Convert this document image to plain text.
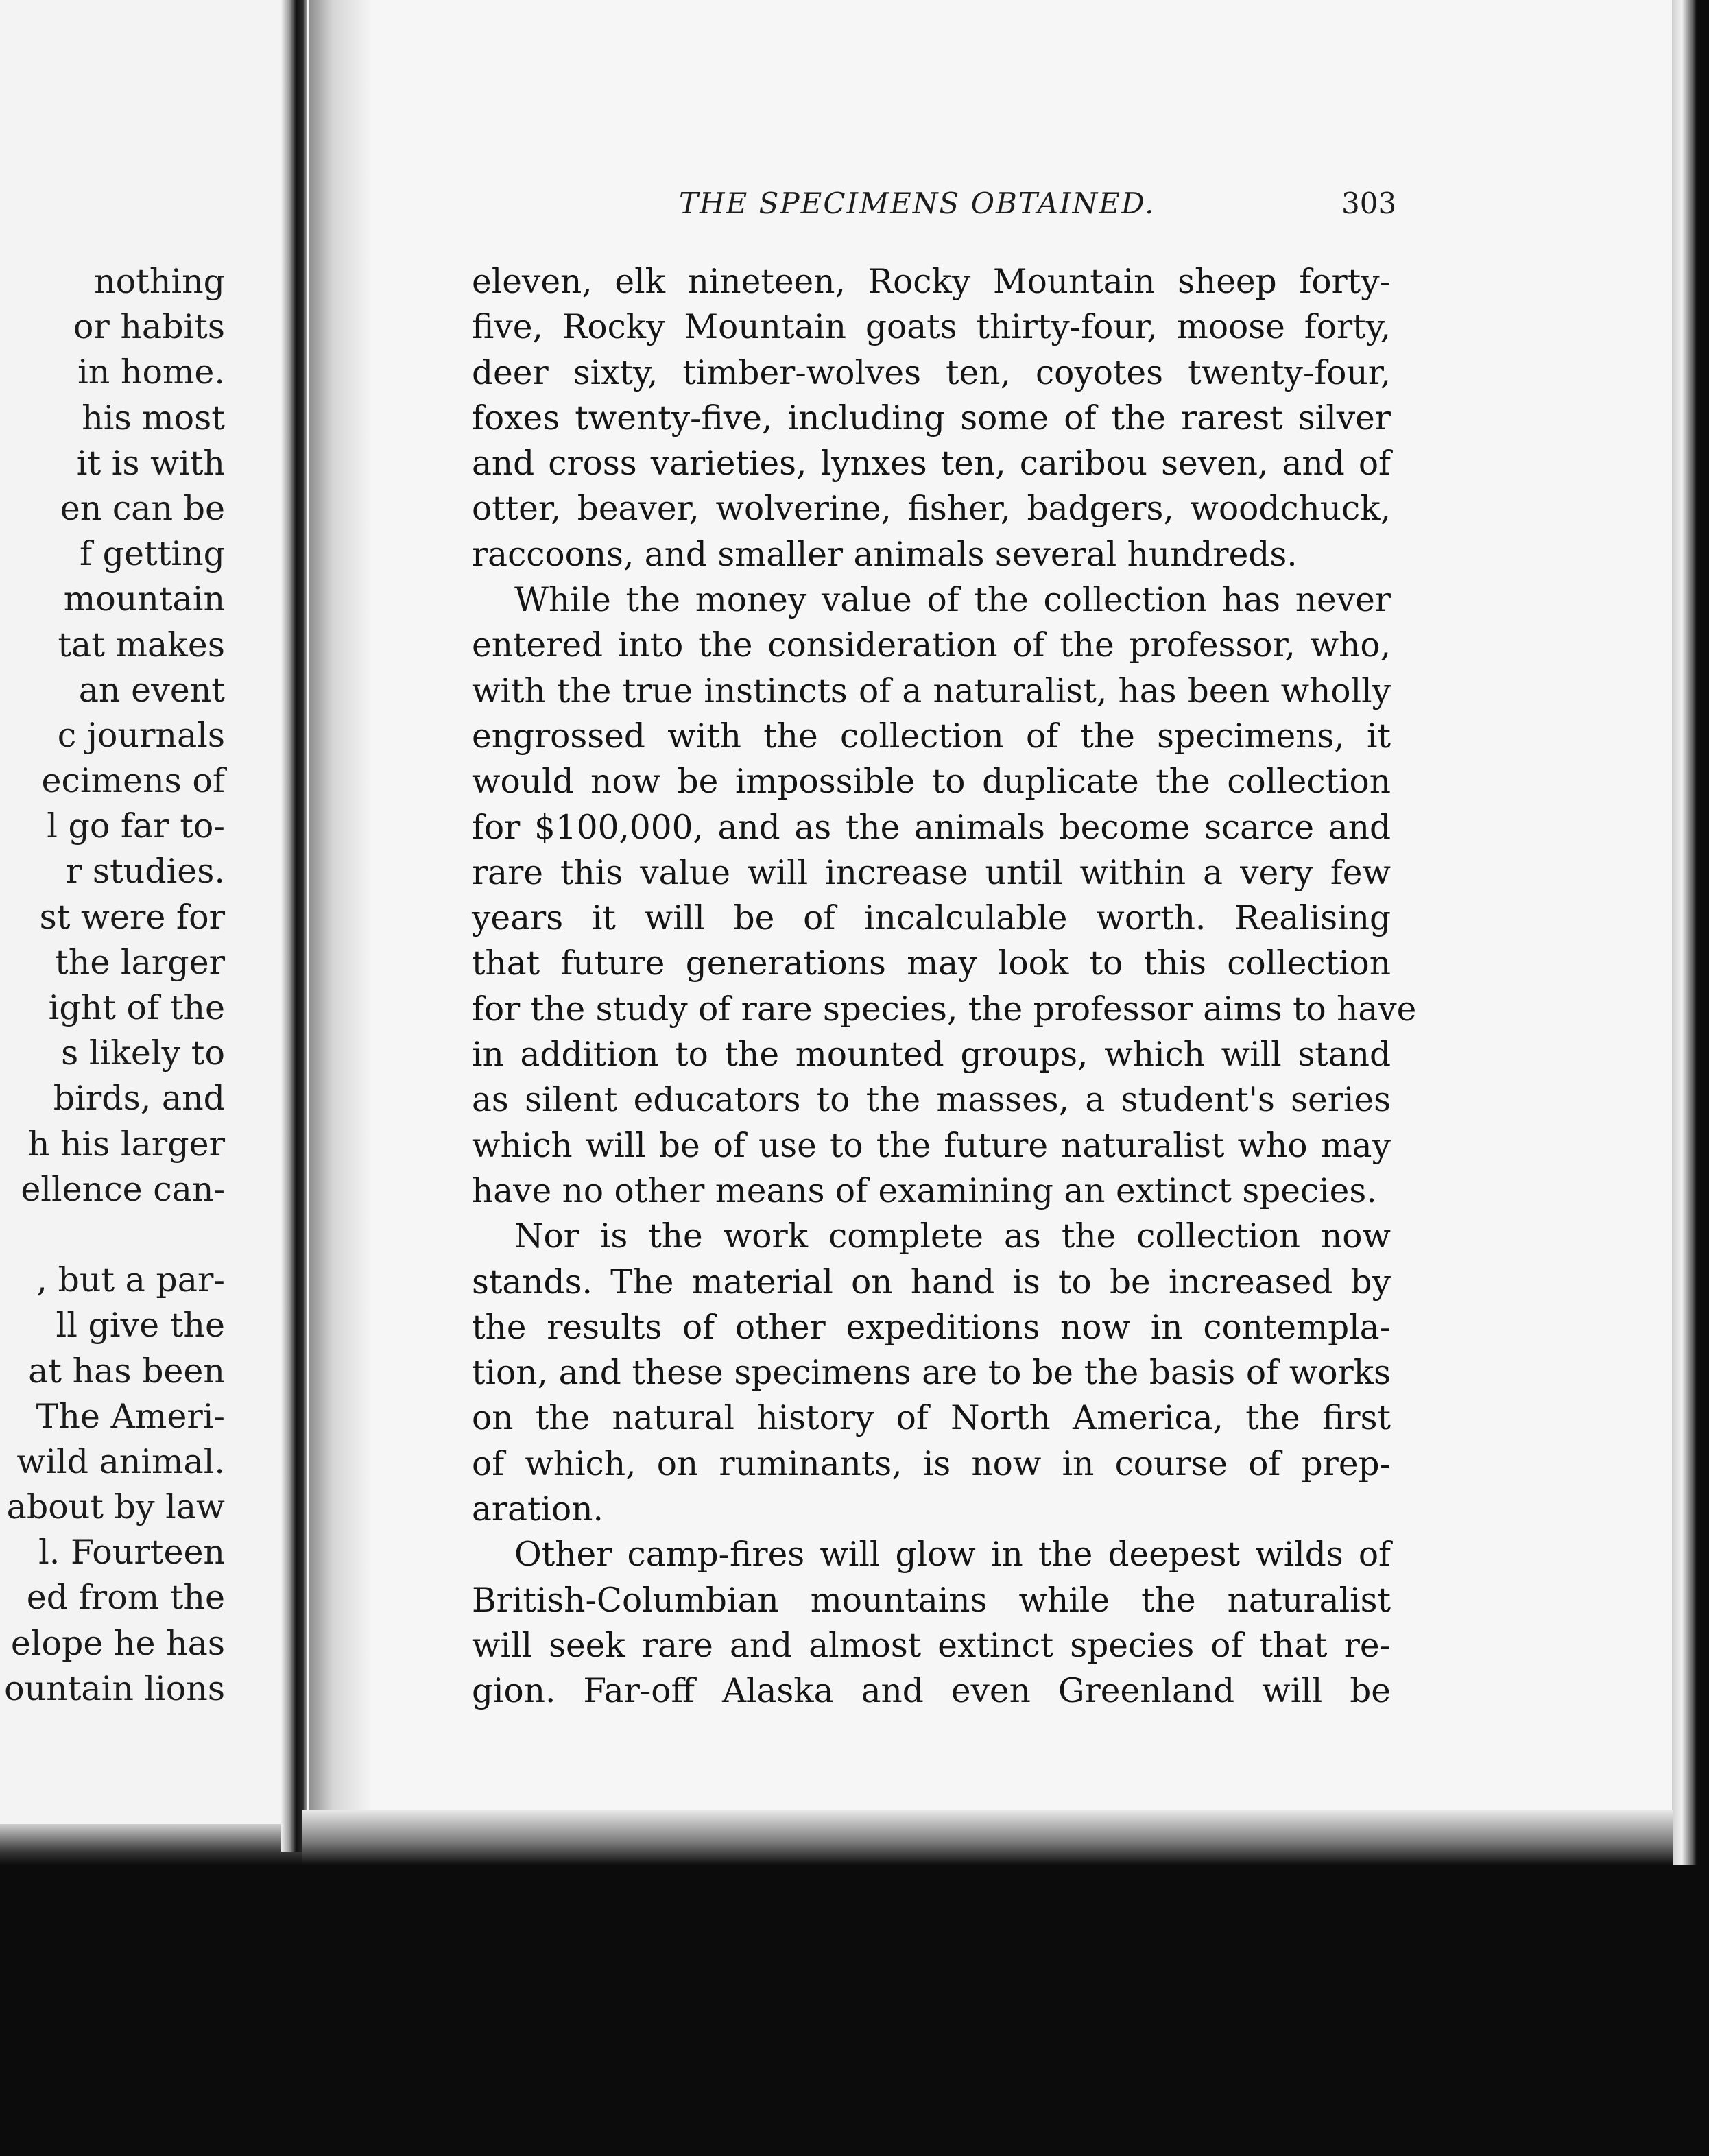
nothing
or habits
in home.
his most
it is with
en can be
f getting
mountain
tat makes
an event
c journals
ecimens of
l go far to-
r studies.
st were for
the larger
ight of the
s likely to
birds, and
h his larger
ellence can-
, but a par-
ll give the
at has been
The Ameri-
wild animal.
about by law
l. Fourteen
ed from the
elope he has
ountain lions
THE SPECIMENS OBTAINED.	303
eleven, elk nineteen, Rocky Mountain sheep forty-
five, Rocky Mountain goats thirty-four, moose forty,
deer sixty, timber-wolves ten, coyotes twenty-four,
foxes twenty-five, including some of the rarest silver
and cross varieties, lynxes ten, caribou seven, and of
otter, beaver, wolverine, fisher, badgers, woodchuck,
raccoons, and smaller animals several hundreds.
While the money value of the collection has never
entered into the consideration of the professor, who,
with the true instincts of a naturalist, has been wholly
engrossed with the collection of the specimens, it
would now be impossible to duplicate the collection
for $100,000, and as the animals become scarce and
rare this value will increase until within a very few
years it will be of incalculable worth. Realising
that future generations may look to this collection
for the study of rare species, the professor aims to have
in addition to the mounted groups, which will stand
as silent educators to the masses, a student's series
which will be of use to the future naturalist who may
have no other means of examining an extinct species.
Nor is the work complete as the collection now
stands. The material on hand is to be increased by
the results of other expeditions now in contempla-
tion, and these specimens are to be the basis of works
on the natural history of North America, the first
of which, on ruminants, is now in course of prep-
aration.
Other camp-fires will glow in the deepest wilds of
British-Columbian mountains while the naturalist
will seek rare and almost extinct species of that re-
gion. Far-off Alaska and even Greenland will be
